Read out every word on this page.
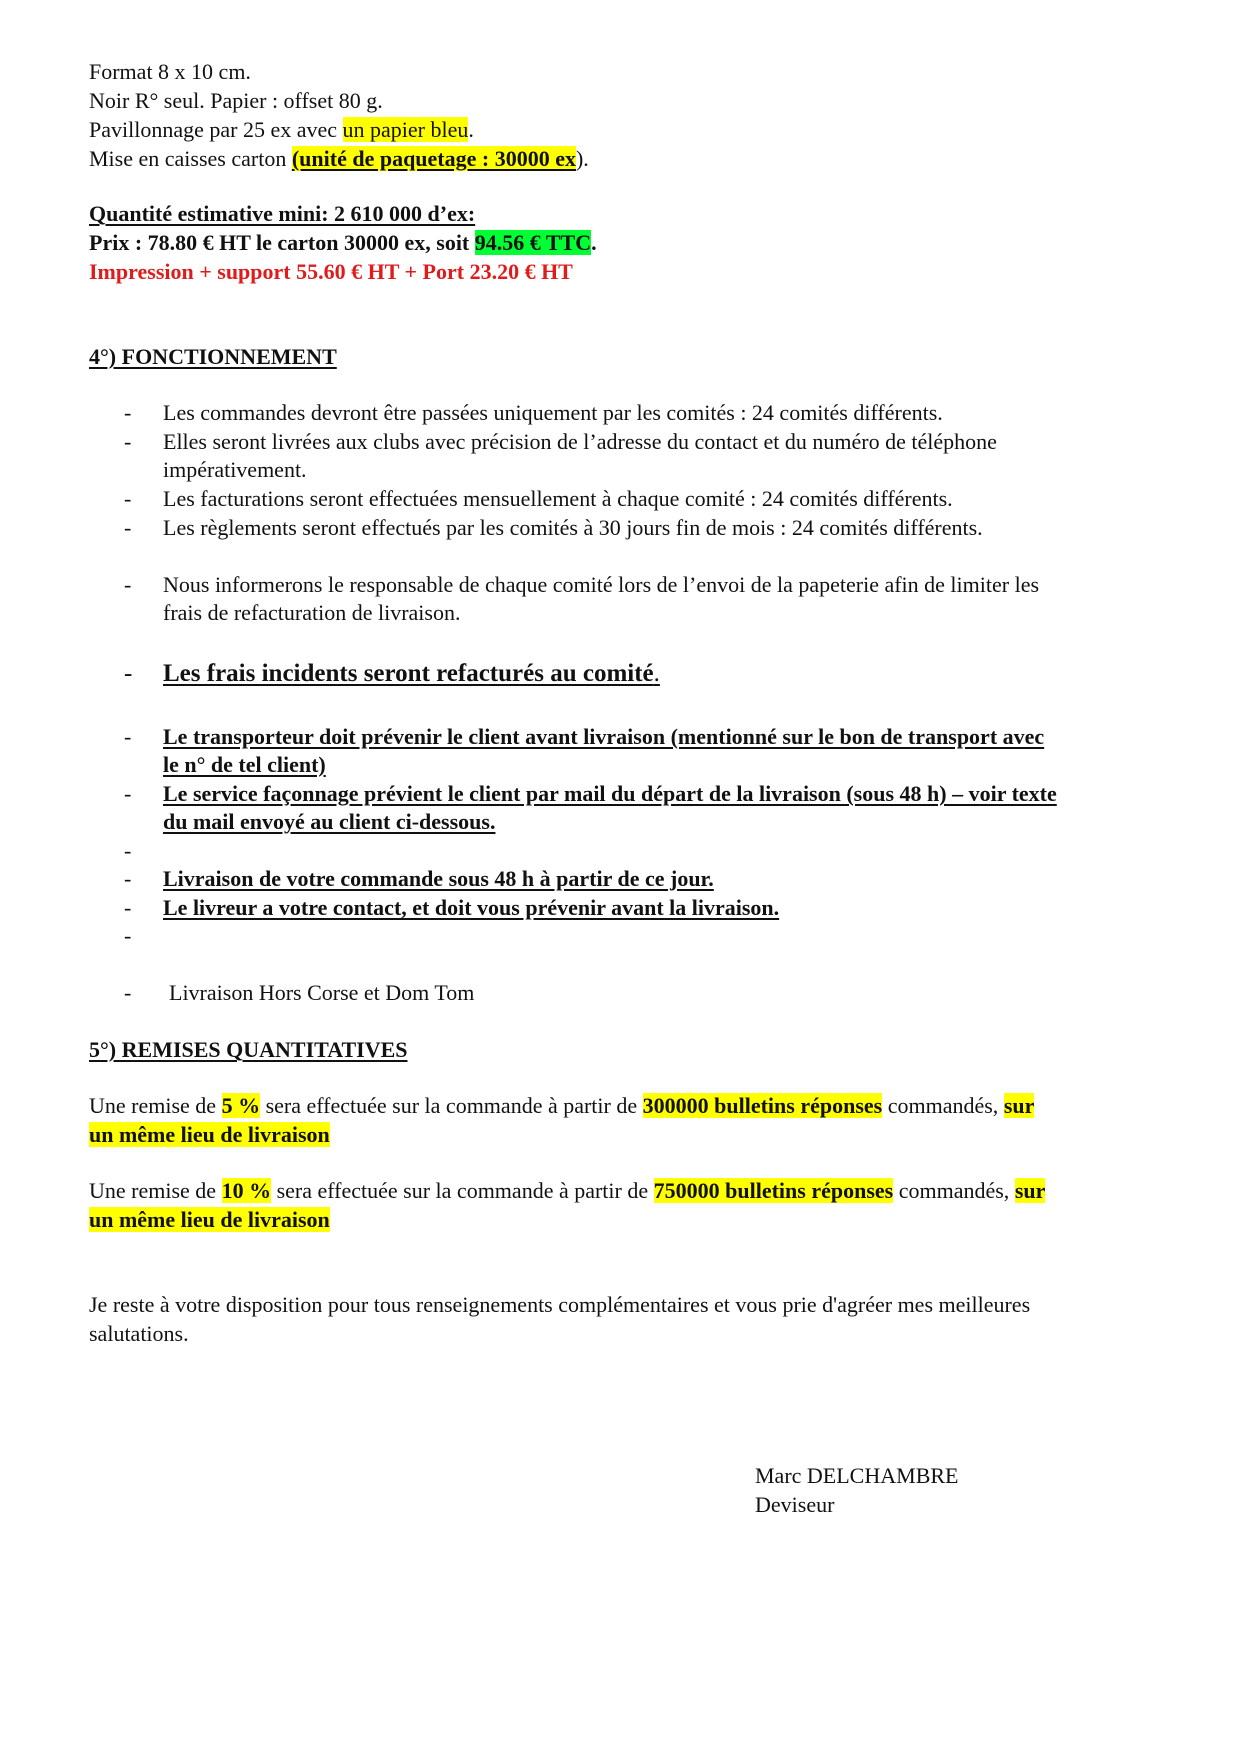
Format 8 x 10 cm.
Noir R° seul. Papier : offset 80 g.
Pavillonnage par 25 ex avec un papier bleu.
Mise en caisses carton (unité de paquetage : 30000 ex).
Quantité estimative mini: 2 610 000 d’ex:
Prix : 78.80 € HT le carton 30000 ex, soit 94.56 € TTC.
Impression + support 55.60 € HT + Port 23.20 € HT
4°) FONCTIONNEMENT
- Les commandes devront être passées uniquement par les comités : 24 comités différents.
- Elles seront livrées aux clubs avec précision de l’adresse du contact et du numéro de téléphone
impérativement.
- Les facturations seront effectuées mensuellement à chaque comité : 24 comités différents.
- Les règlements seront effectués par les comités à 30 jours fin de mois : 24 comités différents.
- Nous informerons le responsable de chaque comité lors de l’envoi de la papeterie afin de limiter les
frais de refacturation de livraison.
- Les frais incidents seront refacturés au comité.
- Le transporteur doit prévenir le client avant livraison (mentionné sur le bon de transport avec
le n° de tel client)
- Le service façonnage prévient le client par mail du départ de la livraison (sous 48 h) – voir texte
du mail envoyé au client ci-dessous.
-
- Livraison de votre commande sous 48 h à partir de ce jour.
- Le livreur a votre contact, et doit vous prévenir avant la livraison.
-
- Livraison Hors Corse et Dom Tom
5°) REMISES QUANTITATIVES
Une remise de 5 % sera effectuée sur la commande à partir de 300000 bulletins réponses commandés, sur
un même lieu de livraison
Une remise de 10 % sera effectuée sur la commande à partir de 750000 bulletins réponses commandés, sur
un même lieu de livraison
Je reste à votre disposition pour tous renseignements complémentaires et vous prie d'agréer mes meilleures
salutations.
Marc DELCHAMBRE
Deviseur
